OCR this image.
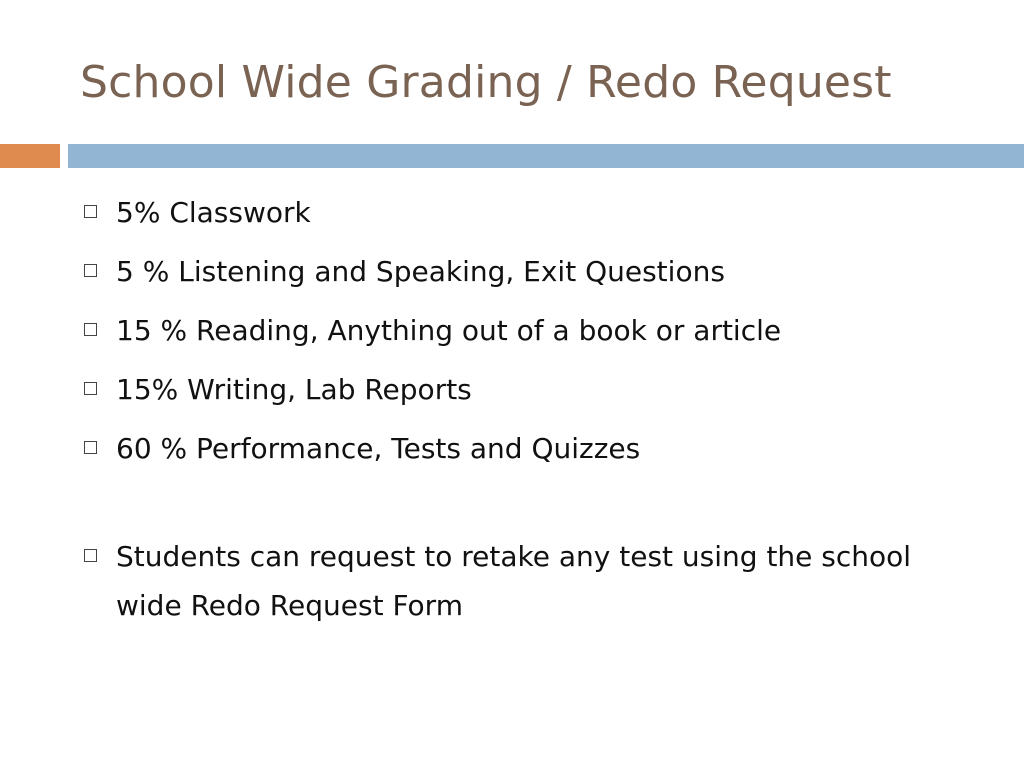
School Wide Grading / Redo Request
5% Classwork
5 % Listening and Speaking, Exit Questions
15 % Reading, Anything out of a book or article
15% Writing, Lab Reports
60 % Performance, Tests and Quizzes
Students can request to retake any test using the school wide Redo Request Form
